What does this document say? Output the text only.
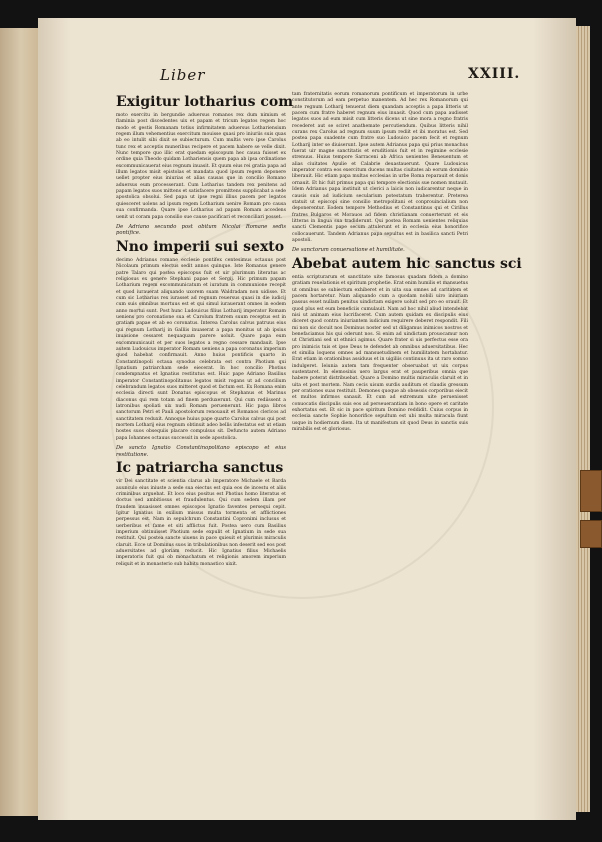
Liber	XXIII.
Exigitur lotharius com
moto exercitu in bergundie aduersus romanos rex dum nimium et flaminia post discedentes uix et papam et tricum legatos regem hoc modo et gestis Romanam totius infirmitatem aduersus Lothariensium regem illum vehementius exercitum mouisse quasi pro iniuriis suis quas ab eo intulit sibi dixit se subiecturum. Cum multis vero ipse Carolus tunc rex et acceptis muneribus recipere et pacem habere se velle dixit. Nunc tempore quo illic erat quedam episcopum hec causa fuisset ex ordine quia Theodo quidam Lothariensis quem papa ab ipsa ordinatione excommunicauerat eius regnum inuasit. Et quum eius rei gratia papa ad illum legatos misit epistolas et mandata quod ipsum regem deponere uellet propter eius iniurias et alias causas que in concilio Romano aduersus eum processerant. Cum Lotharius tandem rex penitens ad papam legatos suos mittens et satisfacere promittens supplicabat a sede apostolica obsolui. Sed papa ut ipse regni illius pacem per legatos quiesceret uolens ad ipsum regem Lotharium uenire Romam pro causa sua confirmanda. Quare ipse Lotharius ad papam Romam accedens uenit ut coram papa consilio sue cause pacificari et reconciliari posset.
De Adriano secundo post obitum Nicolai Romane sedis pontifice.
Nno imperii sui sexto
decimo Adrianus romane ecclesie pontifex centesimus octauus post Nicolaum primum electus sedit annos quinque. Iste Romanus genere patre Talaro qui postea episcopus fuit et uir plurimum literatus ac religiosus ex genere Stephani papae et Sergij. Hic primum papam Lotharium regem excommunicatum et iuratum in communione recepit et quod iurauerat aliquando uxorem suam Waldradam non uidisse. Et cum sic Lotharius rex iurasset ad regnum reuersus quasi in die iudicij cum suis omnibus mortuus est et qui simul iurauerant omnes in eodem anno mortui sunt. Post hunc Ludouicus filius Lotharij imperator Romam ueniens pro coronatione sua et Carolum fratrem suum receptus est in gratiam papae et ab eo coronatus. Interea Carolus calvus patruus eius qui regnum Lotharij in Galliis inuaserat a papa monitus ut ab ipsius inuasione cessaret nequaquam parere uoluit. Quare papa eum excommunicauit et per suos legatos a regno cessare mandauit. Ipse autem Ludouicus imperator Romam ueniens a papa coronatus imperium quod habebat confirmauit. Anno huius pontificis quarto in Constantinopoli octaua synodus celebrata est contra Photium qui Ignatium patriarcham sede eiecerat. In hoc concilio Photius condempnatus et Ignatius restitutus est. Huic pape Adriano Basilius imperator Constantinopolitanus legatos misit rogans ut ad concilium celebrandum legatos suos mitteret quod et factum est. Ex Romana enim ecclesia directi sunt Donatus episcopus et Stephanus et Marinus diaconus qui rem totam ad finem perduxerunt. Qui cum rediissent a latronibus spoliati uix nudi Romam peruenerunt. Hic papa libros sanctorum Petri et Pauli apostolorum renouauit et Romanos clericos ad sanctitatem reduxit. Annoque huius pape quarto Carolus calvus qui post mortem Lotharij eius regnum obtinuit adeo bellis infestatus est ut etiam hostes suos obsequiis placare compulsus sit. Defuncto autem Adriano papa Iohannes octauus successit in sede apostolica.
De sancto Ignatio Constantinopolitano episcopo et eius restitutione.
Ic patriarcha sanctus
vir Dei sanctitate et scientia clarus ab imperatore Michaele et Barda auunculo eius iniuste a sede sua eiectus est quia eos de incestu et aliis criminibus arguebat. Et loco eius positus est Photius homo literatus et doctus sed ambitiosus et fraudulentus. Qui cum sedem illam per fraudem inuasisset omnes episcopos Ignatio faventes persequi cepit. Igitur Ignatius in exilium missus multa tormenta et afflictiones perpessus est. Nam in sepulchrum Constantini Copronimi inclusus et uerberibus et fame et siti afflictus fuit. Postea uero cum Basilius imperium obtinuisset Photium sede expulit et Ignatium in sede sua restituit. Qui postea sancte uiuens in pace quieuit et plurimis miraculis claruit. Ecce ut Dominus suos in tribulationibus non deserit sed eos post aduersitates ad gloriam reducit. Hic Ignatius filius Michaelis imperatoris fuit qui ob monachatum et religionis amorem imperium reliquit et in monasterio sub habitu monastico uixit.
tam fraternitatis eorum romanorum pontificum et imperatorum in urbe constitutorum ad eam perpetuo manentem. Ad hec rex Romanorum qui ante regnum Lotharij tenuerat diem quandam acceptis a papa litteris ut pacem cum fratre haberet regnum eius inuasit. Quod cum papa audisset legatos suos ad eum misit cum litteris dicens ut sine mora a regno fratris recederet aut se sciret anathemate percutiendum. Quibus litteris nihil curans rex Carolus ad regnum suum ipsum rediit et ibi moratus est. Sed postea papa suadente cum fratre suo Ludouico pacem fecit et regnum Lotharij inter se diuiserunt. Ipse autem Adrianus papa qui prius monachus fuerat uir magne sanctitatis et eruditionis fuit et in regimine ecclesie strenuus. Huius tempore Sarraceni ab Africa uenientes Beneuentum et alias ciuitates Apulie et Calabrie deuastauerunt. Quare Ludouicus imperator contra eos exercitum ducens multas ciuitates ab eorum dominio liberauit. Hic etiam papa multas ecclesias in urbe Roma reparauit et donis ornauit. Et hic fuit primus papa qui tempore electionis sue nomen mutauit. Idem Adrianus papa instituit ut clerici a laicis non iudicarentur neque in causis suis ad iudicium secularium potestatum traherentur. Preterea statuit ut episcopi sine consilio metropolitani et conprouincialium non deponerentur. Eodem tempore Methodius et Constantinus qui et Cirillus fratres Bulgaros et Morauos ad fidem christianam conuerterunt et eis litteras in lingua sua tradiderunt. Qui postea Romam uenientes reliquias sancti Clementis pape secum attulerunt et in ecclesia eius honorifice collocauerunt. Tandem Adrianus papa sepultus est in basilica sancti Petri apostoli.
De sanctorum conuersatione et humilitate.
Abebat autem hic sanctus sci
entia scripturarum et sanctitate uite famosus quadam fidem a domino gratiam reuelationis et spiritum prophetie. Erat enim humilis et mansuetus ut omnibus se subiectum exhiberet et in uita sua omnes ad caritatem et pacem hortaretur. Nam aliquando cum a quodam nobili uiro iniuriam passus esset nullam penitus uindictam exigere uoluit sed pro eo orauit. Et quod plus est eum beneficiis cumulauit. Nam ad hoc nihil aliud intendebat nisi ut animam eius lucrifaceret. Cum autem quidam ex discipulis eius diceret quod contra iniuriantem iudicium requirere deberet respondit. Fili mi non sic docuit nos Dominus noster sed ut diligamus inimicos nostros et benefaciamus his qui oderunt nos. Si enim ad uindictam prouocamur non ut Christiani sed ut ethnici agimus. Quare frater si uis perfectus esse ora pro inimicis tuis et ipse Deus te defendet ab omnibus aduersitatibus. Hec et similia loquens omnes ad mansuetudinem et humilitatem hortabatur. Erat etiam in orationibus assiduus et in uigiliis continuus ita ut raro somno indulgeret. Ieiunia autem tam frequenter obseruabat ut uix corpus sustentaret. In elemosinis uero largus erat et pauperibus omnia que habere poterat distribuebat. Quare a Domino multis miraculis claruit et in uita et post mortem. Nam cecis uisum surdis auditum et claudis gressum per orationes suas restituit. Demones quoque ab obsessis corporibus eiecit et multos infirmos sanauit. Et cum ad extremum uite peruenisset conuocatis discipulis suis eos ad perseuerantiam in bono opere et caritate exhortatus est. Et sic in pace spiritum Domino reddidit. Cuius corpus in ecclesia sancte Sophie honorifice sepultum est ubi multa miracula fiunt usque in hodiernum diem. Ita ut manifestum sit quod Deus in sanctis suis mirabilis est et gloriosus.
